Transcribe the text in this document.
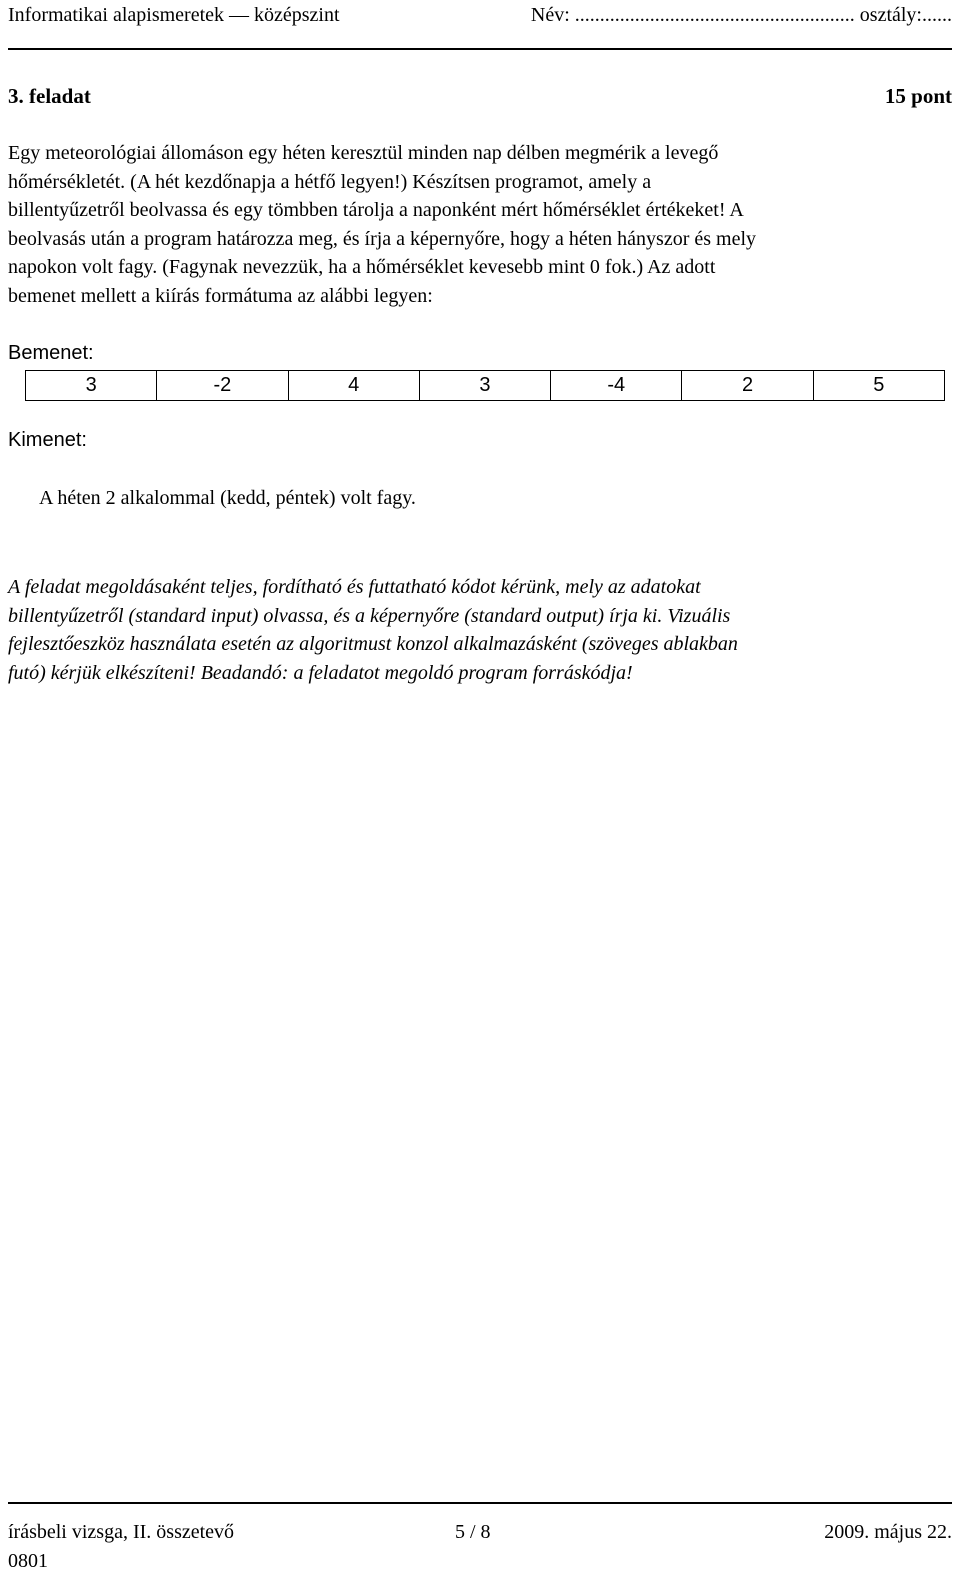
Informatikai alapismeretek — középszint	Név: ........................................................ osztály:......
3. feladat	15 pont
Egy meteorológiai állomáson egy héten keresztül minden nap délben megmérik a levegő
hőmérsékletét. (A hét kezdőnapja a hétfő legyen!) Készítsen programot, amely a
billentyűzetről beolvassa és egy tömbben tárolja a naponként mért hőmérséklet értékeket! A
beolvasás után a program határozza meg, és írja a képernyőre, hogy a héten hányszor és mely
napokon volt fagy. (Fagynak nevezzük, ha a hőmérséklet kevesebb mint 0 fok.) Az adott
bemenet mellett a kiírás formátuma az alábbi legyen:
Bemenet:
3	-2	4	3	-4	2	5
Kimenet:
A héten 2 alkalommal (kedd, péntek) volt fagy.
A feladat megoldásaként teljes, fordítható és futtatható kódot kérünk, mely az adatokat
billentyűzetről (standard input) olvassa, és a képernyőre (standard output) írja ki. Vizuális
fejlesztőeszköz használata esetén az algoritmust konzol alkalmazásként (szöveges ablakban
futó) kérjük elkészíteni! Beadandó: a feladatot megoldó program forráskódja!
írásbeli vizsga, II. összetevő	5 / 8	2009. május 22.
0801
